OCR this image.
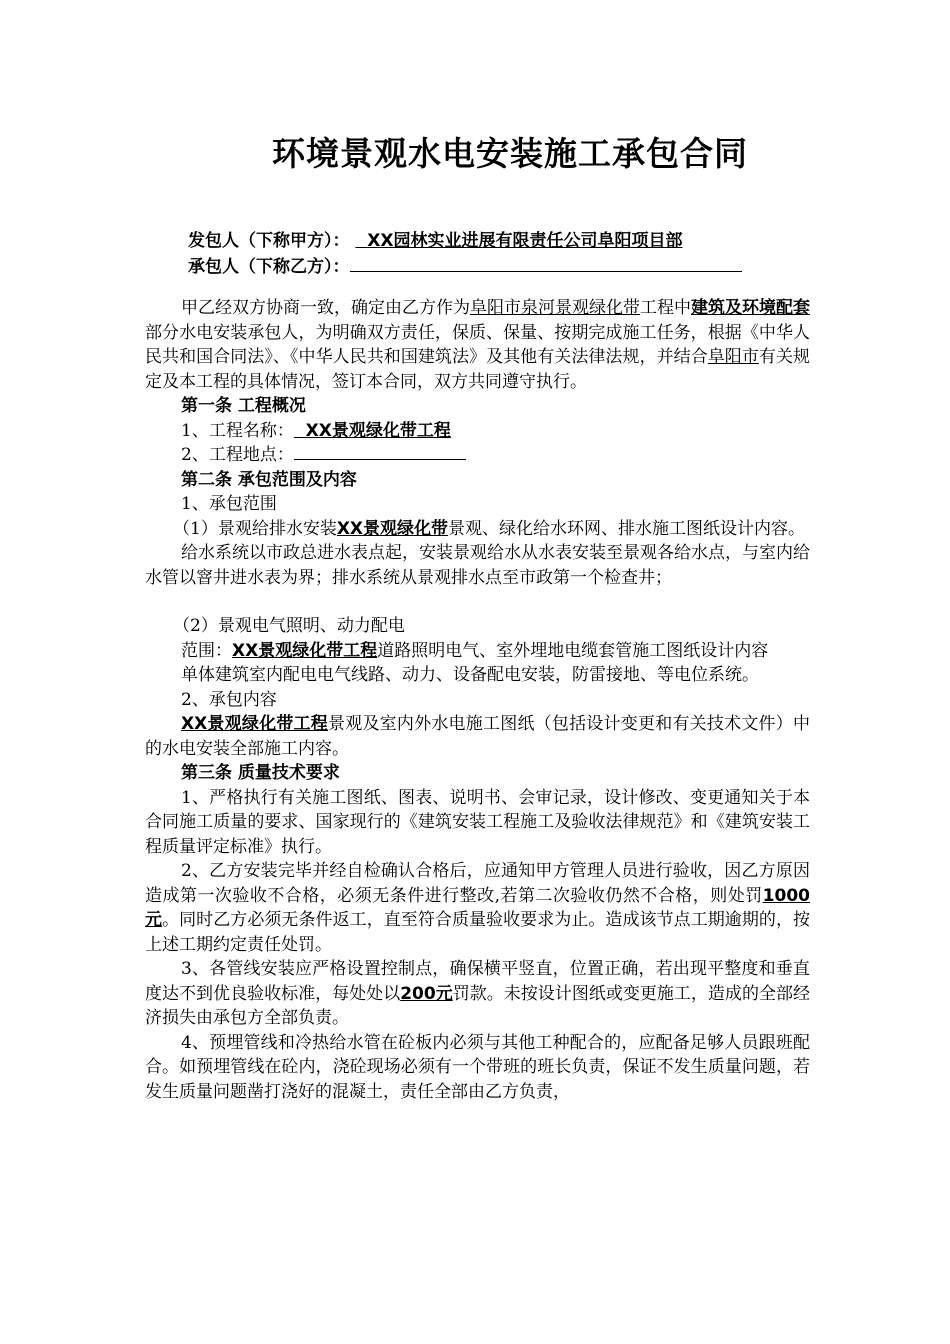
环境景观水电安装施工承包合同
发包人（下称甲方）： XX园林实业进展有限责任公司阜阳项目部
承包人（下称乙方）：

甲乙经双方协商一致，确定由乙方作为阜阳市泉河景观绿化带工程中建筑及环境配套部分水电安装承包人，为明确双方责任，保质、保量、按期完成施工任务，根据《中华人民共和国合同法》、《中华人民共和国建筑法》及其他有关法律法规，并结合阜阳市有关规定及本工程的具体情况，签订本合同，双方共同遵守执行。

第一条 工程概况

1、工程名称： XX景观绿化带工程

2、工程地点：

第二条 承包范围及内容

1、承包范围

（1）景观给排水安装XX景观绿化带景观、绿化给水环网、排水施工图纸设计内容。

给水系统以市政总进水表点起，安装景观给水从水表安装至景观各给水点，与室内给水管以窨井进水表为界；排水系统从景观排水点至市政第一个检查井；

（2）景观电气照明、动力配电

范围：XX景观绿化带工程道路照明电气、室外埋地电缆套管施工图纸设计内容

单体建筑室内配电电气线路、动力、设备配电安装，防雷接地、等电位系统。

2、承包内容

XX景观绿化带工程景观及室内外水电施工图纸（包括设计变更和有关技术文件）中的水电安装全部施工内容。

第三条 质量技术要求

1、严格执行有关施工图纸、图表、说明书、会审记录，设计修改、变更通知关于本合同施工质量的要求、国家现行的《建筑安装工程施工及验收法律规范》和《建筑安装工程质量评定标准》执行。

2、乙方安装完毕并经自检确认合格后，应通知甲方管理人员进行验收，因乙方原因造成第一次验收不合格，必须无条件进行整改,若第二次验收仍然不合格，则处罚1000元。同时乙方必须无条件返工，直至符合质量验收要求为止。造成该节点工期逾期的，按上述工期约定责任处罚。

3、各管线安装应严格设置控制点，确保横平竖直，位置正确，若出现平整度和垂直度达不到优良验收标准，每处处以200元罚款。未按设计图纸或变更施工，造成的全部经济损失由承包方全部负责。

4、预埋管线和冷热给水管在砼板内必须与其他工种配合的，应配备足够人员跟班配合。如预埋管线在砼内，浇砼现场必须有一个带班的班长负责，保证不发生质量问题，若发生质量问题凿打浇好的混凝土，责任全部由乙方负责，
